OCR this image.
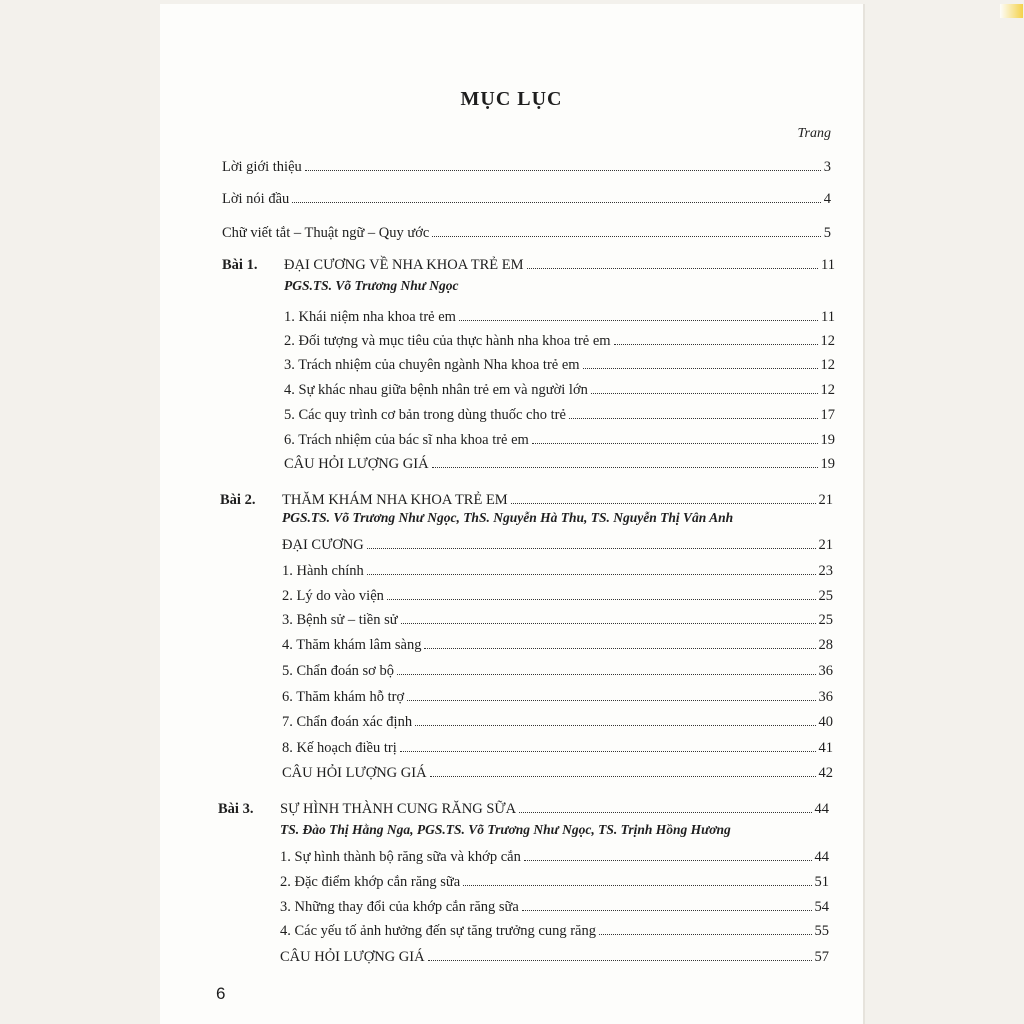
MỤC LỤC
Trang
Lời giới thiệu	3
Lời nói đầu	4
Chữ viết tắt – Thuật ngữ – Quy ước	5
Bài 1.	ĐẠI CƯƠNG VỀ NHA KHOA TRẺ EM	11
PGS.TS. Võ Trương Như Ngọc
1. Khái niệm nha khoa trẻ em	11
2. Đối tượng và mục tiêu của thực hành nha khoa trẻ em	12
3. Trách nhiệm của chuyên ngành Nha khoa trẻ em	12
4. Sự khác nhau giữa bệnh nhân trẻ em và người lớn	12
5. Các quy trình cơ bản trong dùng thuốc cho trẻ	17
6. Trách nhiệm của bác sĩ nha khoa trẻ em	19
CÂU HỎI LƯỢNG GIÁ	19
Bài 2.	THĂM KHÁM NHA KHOA TRẺ EM	21
PGS.TS. Võ Trương Như Ngọc, ThS. Nguyễn Hà Thu, TS. Nguyễn Thị Vân Anh
ĐẠI CƯƠNG	21
1. Hành chính	23
2. Lý do vào viện	25
3. Bệnh sử – tiền sử	25
4. Thăm khám lâm sàng	28
5. Chẩn đoán sơ bộ	36
6. Thăm khám hỗ trợ	36
7. Chẩn đoán xác định	40
8. Kế hoạch điều trị	41
CÂU HỎI LƯỢNG GIÁ	42
Bài 3.	SỰ HÌNH THÀNH CUNG RĂNG SỮA	44
TS. Đào Thị Hằng Nga, PGS.TS. Võ Trương Như Ngọc, TS. Trịnh Hồng Hương
1. Sự hình thành bộ răng sữa và khớp cắn	44
2. Đặc điểm khớp cắn răng sữa	51
3. Những thay đổi của khớp cắn răng sữa	54
4. Các yếu tố ảnh hưởng đến sự tăng trưởng cung răng	55
CÂU HỎI LƯỢNG GIÁ	57
6
